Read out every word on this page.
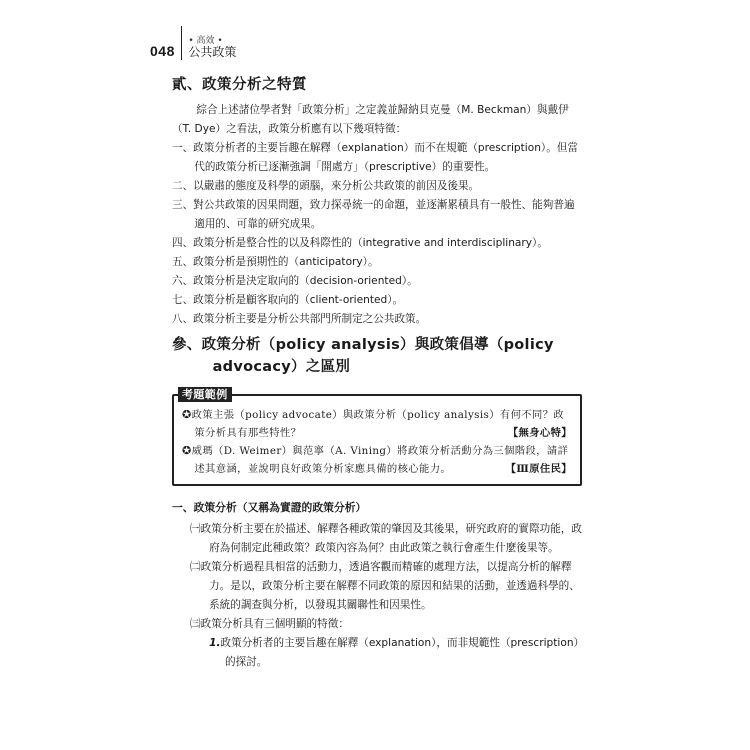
048
• 高效 •
公共政策
貳、政策分析之特質

綜合上述諸位學者對「政策分析」之定義並歸納貝克曼（M. Beckman）與戴伊（T. Dye）之看法，政策分析應有以下幾項特徵：

一、政策分析者的主要旨趣在解釋（explanation）而不在規範（prescription）。但當代的政策分析已逐漸強調「開處方」（prescriptive）的重要性。

二、以嚴肅的態度及科學的頭腦，來分析公共政策的前因及後果。

三、對公共政策的因果問題，致力探尋統一的命題，並逐漸累積具有一般性、能夠普遍適用的、可靠的研究成果。

四、政策分析是整合性的以及科際性的（integrative and interdisciplinary）。

五、政策分析是預期性的（anticipatory）。

六、政策分析是決定取向的（decision-oriented）。

七、政策分析是顧客取向的（client-oriented）。

八、政策分析主要是分析公共部門所制定之公共政策。

參、政策分析（policy analysis）與政策倡導（policy advocacy）之區別
考題範例

✪政策主張（policy advocate）與政策分析（policy analysis）有何不同？政策分析具有那些特性？	【無身心特】

✪威瑪（D. Weimer）與范寧（A. Vining）將政策分析活動分為三個階段，請詳述其意涵，並說明良好政策分析家應具備的核心能力。	【Ⅲ原住民】

一、政策分析（又稱為實證的政策分析）

㈠政策分析主要在於描述、解釋各種政策的肇因及其後果，研究政府的實際功能，政府為何制定此種政策？政策內容為何？由此政策之執行會產生什麼後果等。

㈡政策分析過程具相當的活動力，透過客觀而精確的處理方法，以提高分析的解釋力。是以，政策分析主要在解釋不同政策的原因和結果的活動，並透過科學的、系統的調查與分析，以發現其關聯性和因果性。

㈢政策分析具有三個明顯的特徵：

1.政策分析者的主要旨趣在解釋（explanation），而非規範性（prescription）的探討。
